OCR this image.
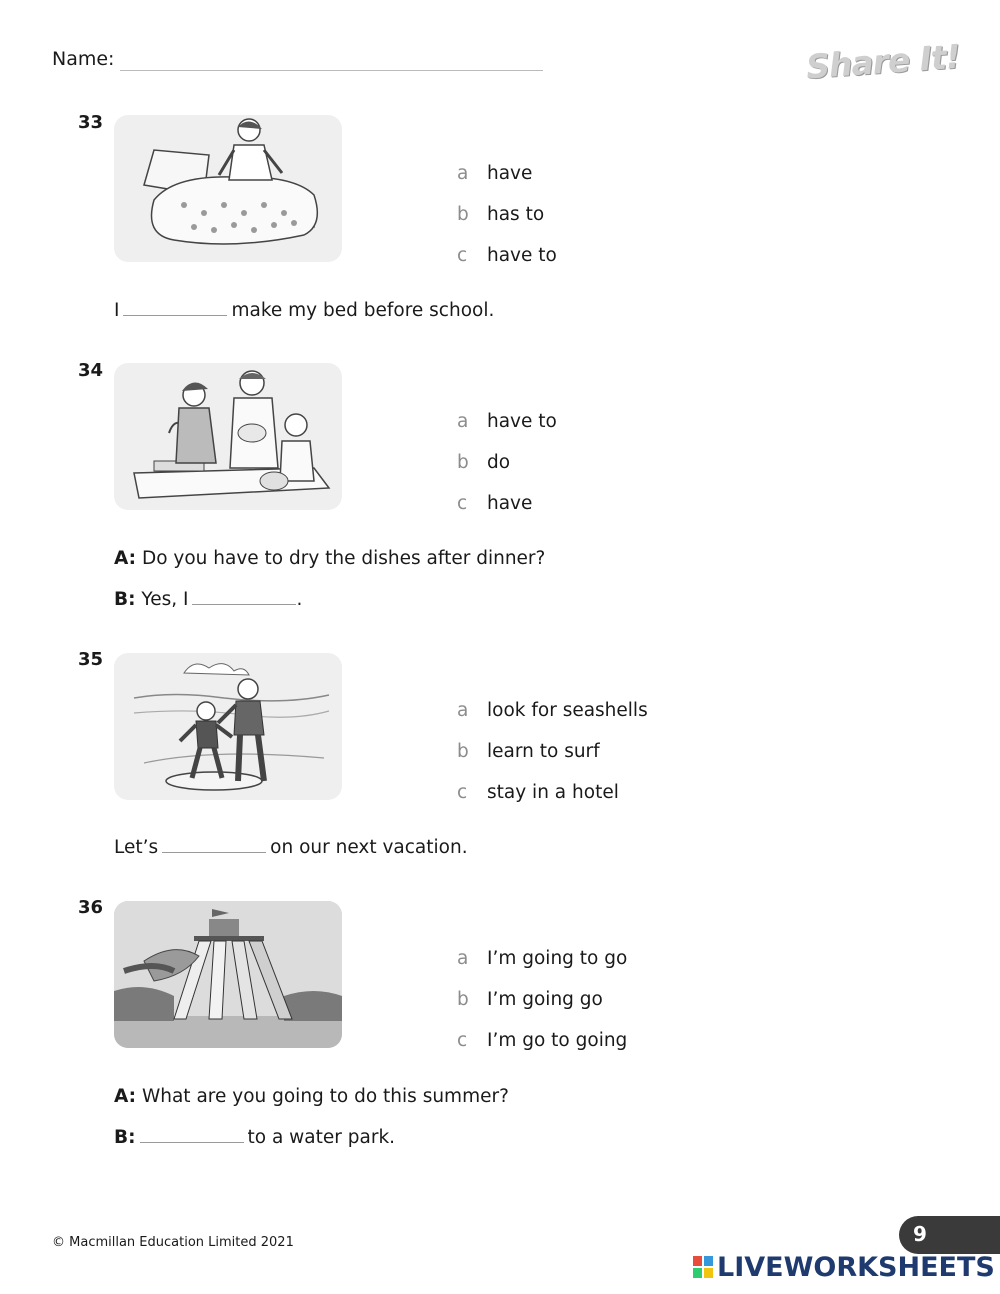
Name:	Share It!
33
a have
b has to
c have to
I	make my bed before school.
34
a have to
b do
c have
A: Do you have to dry the dishes after dinner?
B: Yes, I	.
35
a look for seashells
b learn to surf
c stay in a hotel
Let’s	on our next vacation.
36
a I’m going to go
b I’m going go
c I’m go to going
A: What are you going to do this summer?
B:	to a water park.
© Macmillan Education Limited 2021	9
LIVEWORKSHEETS
